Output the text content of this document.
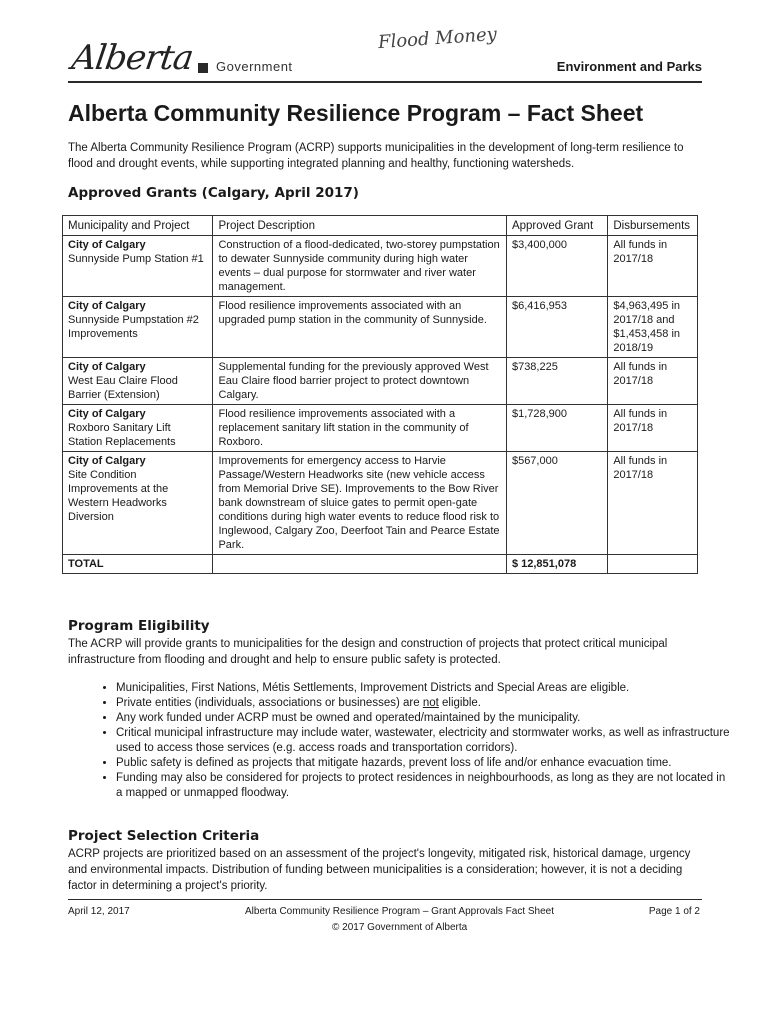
Alberta Government
Flood Money
Environment and Parks
Alberta Community Resilience Program – Fact Sheet

The Alberta Community Resilience Program (ACRP) supports municipalities in the development of long-term resilience to flood and drought events, while supporting integrated planning and healthy, functioning watersheds.

Approved Grants (Calgary, April 2017)
Municipality and Project	Project Description	Approved Grant	Disbursements

City of Calgary
Sunnyside Pump Station #1	Construction of a flood-dedicated, two-storey pumpstation to dewater Sunnyside community during high water events – dual purpose for stormwater and river water management.	$3,400,000	All funds in 2017/18

City of Calgary
Sunnyside Pumpstation #2 Improvements	Flood resilience improvements associated with an upgraded pump station in the community of Sunnyside.	$6,416,953	$4,963,495 in 2017/18 and $1,453,458 in 2018/19

City of Calgary
West Eau Claire Flood Barrier (Extension)	Supplemental funding for the previously approved West Eau Claire flood barrier project to protect downtown Calgary.	$738,225	All funds in 2017/18

City of Calgary
Roxboro Sanitary Lift Station Replacements	Flood resilience improvements associated with a replacement sanitary lift station in the community of Roxboro.	$1,728,900	All funds in 2017/18

City of Calgary
Site Condition Improvements at the Western Headworks Diversion	Improvements for emergency access to Harvie Passage/Western Headworks site (new vehicle access from Memorial Drive SE). Improvements to the Bow River bank downstream of sluice gates to permit open-gate conditions during high water events to reduce flood risk to Inglewood, Calgary Zoo, Deerfoot Tain and Pearce Estate Park.	$567,000	All funds in 2017/18
TOTAL		$ 12,851,078	
Program Eligibility

The ACRP will provide grants to municipalities for the design and construction of projects that protect critical municipal infrastructure from flooding and drought and help to ensure public safety is protected.

• Municipalities, First Nations, Métis Settlements, Improvement Districts and Special Areas are eligible.
• Private entities (individuals, associations or businesses) are not eligible.
• Any work funded under ACRP must be owned and operated/maintained by the municipality.
• Critical municipal infrastructure may include water, wastewater, electricity and stormwater works, as well as infrastructure used to access those services (e.g. access roads and transportation corridors).
• Public safety is defined as projects that mitigate hazards, prevent loss of life and/or enhance evacuation time.
• Funding may also be considered for projects to protect residences in neighbourhoods, as long as they are not located in a mapped or unmapped floodway.
Project Selection Criteria

ACRP projects are prioritized based on an assessment of the project's longevity, mitigated risk, historical damage, urgency and environmental impacts. Distribution of funding between municipalities is a consideration; however, it is not a deciding factor in determining a project's priority.

April 12, 2017	Alberta Community Resilience Program – Grant Approvals Fact Sheet	Page 1 of 2
© 2017 Government of Alberta
